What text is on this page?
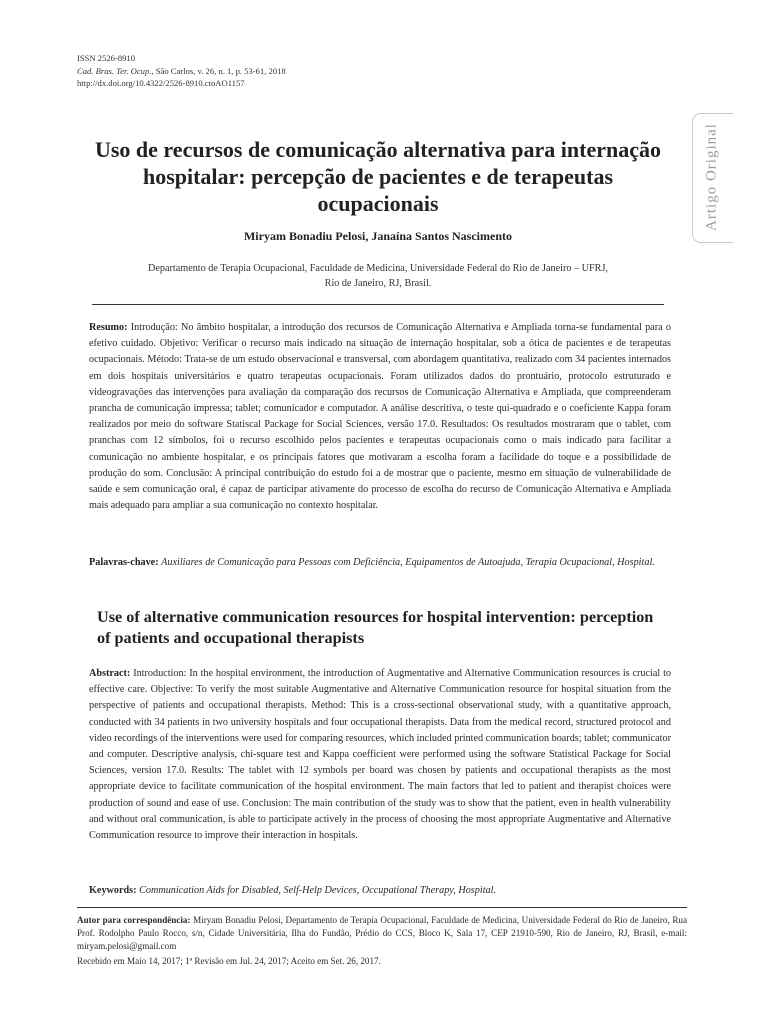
ISSN 2526-8910
Cad. Bras. Ter. Ocup., São Carlos, v. 26, n. 1, p. 53-61, 2018
http://dx.doi.org/10.4322/2526-8910.ctoAO1157
Artigo Original
Uso de recursos de comunicação alternativa para internação hospitalar: percepção de pacientes e de terapeutas ocupacionais
Miryam Bonadiu Pelosi, Janaína Santos Nascimento
Departamento de Terapia Ocupacional, Faculdade de Medicina, Universidade Federal do Rio de Janeiro – UFRJ,
Rio de Janeiro, RJ, Brasil.
Resumo: Introdução: No âmbito hospitalar, a introdução dos recursos de Comunicação Alternativa e Ampliada torna-se fundamental para o efetivo cuidado. Objetivo: Verificar o recurso mais indicado na situação de internação hospitalar, sob a ótica de pacientes e de terapeutas ocupacionais. Método: Trata-se de um estudo observacional e transversal, com abordagem quantitativa, realizado com 34 pacientes internados em dois hospitais universitários e quatro terapeutas ocupacionais. Foram utilizados dados do prontuário, protocolo estruturado e videogravações das intervenções para avaliação da comparação dos recursos de Comunicação Alternativa e Ampliada, que compreenderam prancha de comunicação impressa; tablet; comunicador e computador. A análise descritiva, o teste qui-quadrado e o coeficiente Kappa foram realizados por meio do software Statiscal Package for Social Sciences, versão 17.0. Resultados: Os resultados mostraram que o tablet, com pranchas com 12 símbolos, foi o recurso escolhido pelos pacientes e terapeutas ocupacionais como o mais indicado para facilitar a comunicação no ambiente hospitalar, e os principais fatores que motivaram a escolha foram a facilidade do toque e a possibilidade de produção do som. Conclusão: A principal contribuição do estudo foi a de mostrar que o paciente, mesmo em situação de vulnerabilidade de saúde e sem comunicação oral, é capaz de participar ativamente do processo de escolha do recurso de Comunicação Alternativa e Ampliada mais adequado para ampliar a sua comunicação no contexto hospitalar.
Palavras-chave: Auxiliares de Comunicação para Pessoas com Deficiência, Equipamentos de Autoajuda, Terapia Ocupacional, Hospital.
Use of alternative communication resources for hospital intervention: perception of patients and occupational therapists
Abstract: Introduction: In the hospital environment, the introduction of Augmentative and Alternative Communication resources is crucial to effective care. Objective: To verify the most suitable Augmentative and Alternative Communication resource for hospital situation from the perspective of patients and occupational therapists. Method: This is a cross-sectional observational study, with a quantitative approach, conducted with 34 patients in two university hospitals and four occupational therapists. Data from the medical record, structured protocol and video recordings of the interventions were used for comparing resources, which included printed communication boards; tablet; communicator and computer. Descriptive analysis, chi-square test and Kappa coefficient were performed using the software Statistical Package for Social Sciences, version 17.0. Results: The tablet with 12 symbols per board was chosen by patients and occupational therapists as the most appropriate device to facilitate communication of the hospital environment. The main factors that led to patient and therapist choices were production of sound and ease of use. Conclusion: The main contribution of the study was to show that the patient, even in health vulnerability and without oral communication, is able to participate actively in the process of choosing the most appropriate Augmentative and Alternative Communication resource to improve their interaction in hospitals.
Keywords: Communication Aids for Disabled, Self-Help Devices, Occupational Therapy, Hospital.
Autor para correspondência: Miryam Bonadiu Pelosi, Departamento de Terapia Ocupacional, Faculdade de Medicina, Universidade Federal do Rio de Janeiro, Rua Prof. Rodolpho Paulo Rocco, s/n, Cidade Universitária, Ilha do Fundão, Prédio do CCS, Bloco K, Sala 17, CEP 21910-590, Rio de Janeiro, RJ, Brasil, e-mail: miryam.pelosi@gmail.com
Recebido em Maio 14, 2017; 1ª Revisão em Jul. 24, 2017; Aceito em Set. 26, 2017.
